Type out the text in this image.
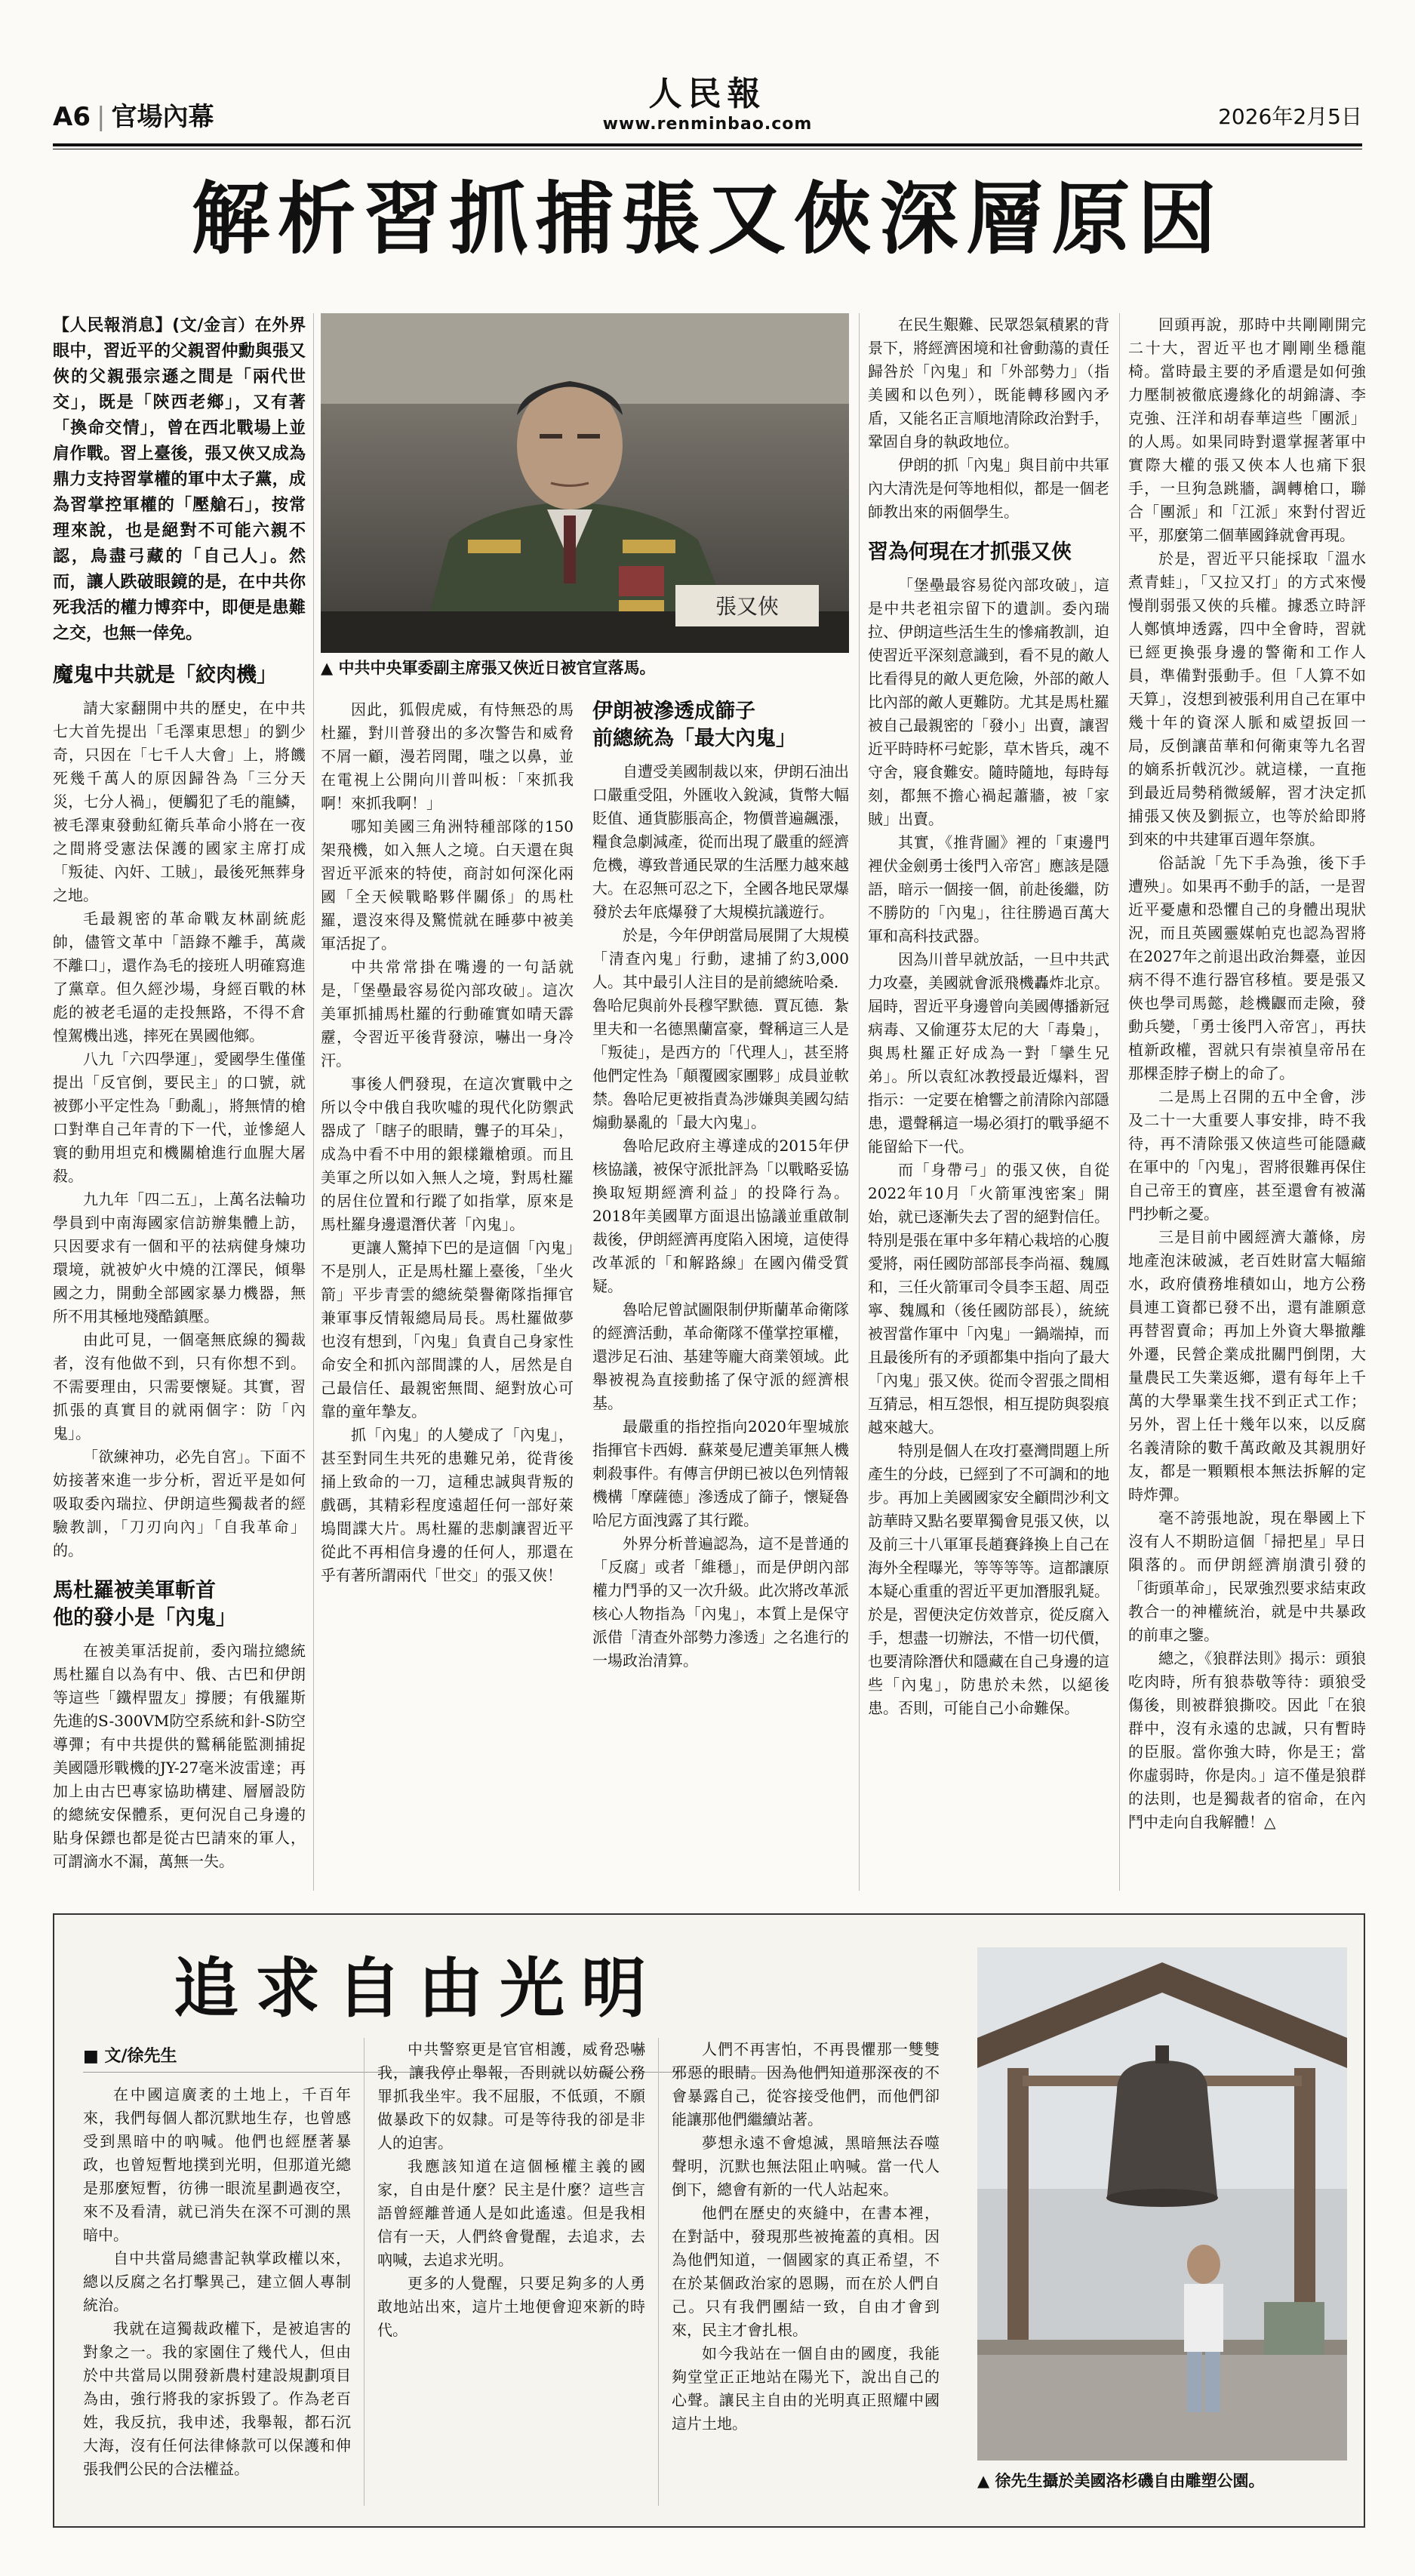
A6 | 官場內幕
人民報
www.renminbao.com	2026年2月5日
解析習抓捕張又俠深層原因

【人民報消息】(文/金言）在外界眼中，習近平的父親習仲勳與張又俠的父親張宗遜之間是「兩代世交」，既是「陝西老鄉」，又有著「換命交情」，曾在西北戰場上並肩作戰。習上臺後，張又俠又成為鼎力支持習掌權的軍中太子黨，成為習掌控軍權的「壓艙石」，按常理來說，也是絕對不可能六親不認，鳥盡弓藏的「自己人」。然而，讓人跌破眼鏡的是，在中共你死我活的權力博弈中，即便是患難之交，也無一倖免。

魔鬼中共就是「絞肉機」

請大家翻開中共的歷史，在中共七大首先提出「毛澤東思想」的劉少奇，只因在「七千人大會」上，將饑死幾千萬人的原因歸咎為「三分天災，七分人禍」，便觸犯了毛的龍鱗，被毛澤東發動紅衛兵革命小將在一夜之間將受憲法保護的國家主席打成「叛徒、內奸、工賊」，最後死無葬身之地。

毛最親密的革命戰友林副統彪帥，儘管文革中「語錄不離手，萬歲不離口」，還作為毛的接班人明確寫進了黨章。但久經沙場，身經百戰的林彪的被老毛逼的走投無路，不得不倉惶駕機出逃，摔死在異國他鄉。

八九「六四學運」，愛國學生僅僅提出「反官倒，要民主」的口號，就被鄧小平定性為「動亂」，將無情的槍口對準自己年青的下一代，並慘絕人寰的動用坦克和機關槍進行血腥大屠殺。

九九年「四二五」，上萬名法輪功學員到中南海國家信訪辦集體上訪，只因要求有一個和平的祛病健身煉功環境，就被妒火中燒的江澤民，傾舉國之力，開動全部國家暴力機器，無所不用其極地殘酷鎮壓。

由此可見，一個毫無底線的獨裁者，沒有他做不到，只有你想不到。不需要理由，只需要懷疑。其實，習抓張的真實目的就兩個字：防「內鬼」。

「欲練神功，必先自宮」。下面不妨接著來進一步分析，習近平是如何吸取委內瑞拉、伊朗這些獨裁者的經驗教訓，「刀刃向內」「自我革命」的。

馬杜羅被美軍斬首
他的發小是「內鬼」

在被美軍活捉前，委內瑞拉總統馬杜羅自以為有中、俄、古巴和伊朗等這些「鐵桿盟友」撐腰；有俄羅斯先進的S-300VM防空系統和針-S防空導彈；有中共提供的鷲稱能監測捕捉美國隱形戰機的JY-27毫米波雷達；再加上由古巴專家協助構建、層層設防的總統安保體系，更何況自己身邊的貼身保鏢也都是從古巴請來的軍人，可謂滴水不漏，萬無一失。

張又俠
▲ 中共中央軍委副主席張又俠近日被官宣落馬。

因此，狐假虎威，有恃無恐的馬杜羅，對川普發出的多次警告和威脅不屑一顧，漫若罔聞，嗤之以鼻，並在電視上公開向川普叫板：「來抓我啊！來抓我啊！」

哪知美國三角洲特種部隊的150架飛機，如入無人之境。白天還在與習近平派來的特使，商討如何深化兩國「全天候戰略夥伴關係」的馬杜羅，還沒來得及驚慌就在睡夢中被美軍活捉了。

中共常常掛在嘴邊的一句話就是，「堡壘最容易從內部攻破」。這次美軍抓捕馬杜羅的行動確實如晴天霹靂，令習近平後背發涼，嚇出一身冷汗。

事後人們發現，在這次實戰中之所以令中俄自我吹噓的現代化防禦武器成了「瞎子的眼睛，聾子的耳朵」，成為中看不中用的銀樣鑞槍頭。而且美軍之所以如入無人之境，對馬杜羅的居住位置和行蹤了如指掌，原來是馬杜羅身邊還潛伏著「內鬼」。

更讓人驚掉下巴的是這個「內鬼」不是別人，正是馬杜羅上臺後，「坐火箭」平步青雲的總統榮譽衛隊指揮官兼軍事反情報總局局長。馬杜羅做夢也沒有想到，「內鬼」負責自己身家性命安全和抓內部間諜的人，居然是自己最信任、最親密無間、絕對放心可靠的童年摯友。

抓「內鬼」的人變成了「內鬼」，甚至對同生共死的患難兄弟，從背後捅上致命的一刀，這種忠誠與背叛的戲碼，其精彩程度遠超任何一部好萊塢間諜大片。馬杜羅的悲劇讓習近平從此不再相信身邊的任何人，那還在乎有著所謂兩代「世交」的張又俠！

伊朗被滲透成篩子
前總統為「最大內鬼」

自遭受美國制裁以來，伊朗石油出口嚴重受阻，外匯收入銳減，貨幣大幅貶值、通貨膨脹高企，物價普遍飆漲，糧食急劇減產，從而出現了嚴重的經濟危機，導致普通民眾的生活壓力越來越大。在忍無可忍之下，全國各地民眾爆發於去年底爆發了大規模抗議遊行。

於是，今年伊朗當局展開了大規模「清查內鬼」行動，逮捕了約3,000人。其中最引人注目的是前總統哈桑．魯哈尼與前外長穆罕默德．賈瓦德．紮里夫和一名德黑蘭富豪，聲稱這三人是「叛徒」，是西方的「代理人」，甚至將他們定性為「顛覆國家團夥」成員並軟禁。魯哈尼更被指責為涉嫌與美國勾結煽動暴亂的「最大內鬼」。

魯哈尼政府主導達成的2015年伊核協議，被保守派批評為「以戰略妥協換取短期經濟利益」的投降行為。2018年美國單方面退出協議並重啟制裁後，伊朗經濟再度陷入困境，這使得改革派的「和解路線」在國內備受質疑。

魯哈尼曾試圖限制伊斯蘭革命衛隊的經濟活動，革命衛隊不僅掌控軍權，還涉足石油、基建等龐大商業領域。此舉被視為直接動搖了保守派的經濟根基。

最嚴重的指控指向2020年聖城旅指揮官卡西姆．蘇萊曼尼遭美軍無人機刺殺事件。有傳言伊朗已被以色列情報機構「摩薩德」滲透成了篩子，懷疑魯哈尼方面洩露了其行蹤。

外界分析普遍認為，這不是普通的「反腐」或者「維穩」，而是伊朗內部權力鬥爭的又一次升級。此次將改革派核心人物指為「內鬼」，本質上是保守派借「清查外部勢力滲透」之名進行的一場政治清算。

在民生艱難、民眾怨氣積累的背景下，將經濟困境和社會動蕩的責任歸咎於「內鬼」和「外部勢力」（指美國和以色列），既能轉移國內矛盾，又能名正言順地清除政治對手，鞏固自身的執政地位。

伊朗的抓「內鬼」與目前中共軍內大清洗是何等地相似，都是一個老師教出來的兩個學生。

習為何現在才抓張又俠

「堡壘最容易從內部攻破」，這是中共老祖宗留下的遺訓。委內瑞拉、伊朗這些活生生的慘痛教訓，迫使習近平深刻意識到，看不見的敵人比看得見的敵人更危險，外部的敵人比內部的敵人更難防。尤其是馬杜羅被自己最親密的「發小」出賣，讓習近平時時杯弓蛇影，草木皆兵，魂不守舍，寢食難安。隨時隨地，每時每刻，都無不擔心禍起蕭牆，被「家賊」出賣。

其實，《推背圖》裡的「東邊門裡伏金劍勇士後門入帝宮」應該是隱語，暗示一個接一個，前赴後繼，防不勝防的「內鬼」，往往勝過百萬大軍和高科技武器。

因為川普早就放話，一旦中共武力攻臺，美國就會派飛機轟炸北京。屆時，習近平身邊曾向美國傳播新冠病毒、又偷運芬太尼的大「毒梟」，與馬杜羅正好成為一對「攣生兄弟」。所以袁紅冰教授最近爆料，習指示：一定要在槍響之前清除內部隱患，還聲稱這一場必須打的戰爭絕不能留給下一代。

而「身帶弓」的張又俠，自從2022年10月「火箭軍洩密案」開始，就已逐漸失去了習的絕對信任。特別是張在軍中多年精心栽培的心腹愛將，兩任國防部部長李尚福、魏鳳和，三任火箭軍司令員李玉超、周亞寧、魏鳳和（後任國防部長），統統被習當作軍中「內鬼」一鍋端掉，而且最後所有的矛頭都集中指向了最大「內鬼」張又俠。從而令習張之間相互猜忌，相互怨恨，相互提防與裂痕越來越大。

特別是個人在攻打臺灣問題上所產生的分歧，已經到了不可調和的地步。再加上美國國家安全顧問沙利文訪華時又點名要單獨會見張又俠，以及前三十八軍軍長趙賽鋒換上自己在海外全程曝光，等等等等。這都讓原本疑心重重的習近平更加潛服乳疑。於是，習便決定仿效普京，從反腐入手，想盡一切辦法，不惜一切代價，也要清除潛伏和隱藏在自己身邊的這些「內鬼」，防患於未然，以絕後患。否則，可能自己小命難保。

回頭再說，那時中共剛剛開完二十大，習近平也才剛剛坐穩龍椅。當時最主要的矛盾還是如何強力壓制被徹底邊緣化的胡錦濤、李克強、汪洋和胡春華這些「團派」的人馬。如果同時對還掌握著軍中實際大權的張又俠本人也痛下狠手，一旦狗急跳牆，調轉槍口，聯合「團派」和「江派」來對付習近平，那麼第二個華國鋒就會再現。

於是，習近平只能採取「溫水煮青蛙」，「又拉又打」的方式來慢慢削弱張又俠的兵權。據悉立時評人鄭慎坤透露，四中全會時，習就已經更換張身邊的警衛和工作人員，準備對張動手。但「人算不如天算」，沒想到被張利用自己在軍中幾十年的資深人脈和威望扳回一局，反倒讓苗華和何衛東等九名習的嫡系折戟沉沙。就這樣，一直拖到最近局勢稍微緩解，習才決定抓捕張又俠及劉振立，也等於給即將到來的中共建軍百週年祭旗。

俗話說「先下手為強，後下手遭殃」。如果再不動手的話，一是習近平憂慮和恐懼自己的身體出現狀況，而且英國靈媒帕克也認為習將在2027年之前退出政治舞臺，並因病不得不進行器官移植。要是張又俠也學司馬懿，趁機鼴而走險，發動兵變，「勇士後門入帝宮」，再扶植新政權，習就只有崇禎皇帝吊在那棵歪脖子樹上的命了。

二是馬上召開的五中全會，涉及二十一大重要人事安排，時不我待，再不清除張又俠這些可能隱藏在軍中的「內鬼」，習將很難再保住自己帝王的寶座，甚至還會有被滿門抄斬之憂。

三是目前中國經濟大蕭條，房地產泡沫破滅，老百姓財富大幅縮水，政府債務堆積如山，地方公務員連工資都已發不出，還有誰願意再替習賣命；再加上外資大舉撤離外遷，民營企業成批關門倒閉，大量農民工失業返鄉，還有每年上千萬的大學畢業生找不到正式工作；另外，習上任十幾年以來，以反腐名義清除的數千萬政敵及其親朋好友，都是一顆顆根本無法拆解的定時炸彈。

毫不誇張地說，現在舉國上下沒有人不期盼這個「掃把星」早日隕落的。而伊朗經濟崩潰引發的「街頭革命」，民眾強烈要求結束政教合一的神權統治，就是中共暴政的前車之鑒。

總之，《狼群法則》揭示：頭狼吃肉時，所有狼恭敬等待：頭狼受傷後，則被群狼撕咬。因此「在狼群中，沒有永遠的忠誠，只有暫時的臣服。當你強大時，你是王；當你虛弱時，你是肉。」這不僅是狼群的法則，也是獨裁者的宿命，在內鬥中走向自我解體！△

追求自由光明
■ 文/徐先生

在中國這廣袤的土地上，千百年來，我們每個人都沉默地生存，也曾感受到黑暗中的吶喊。他們也經歷著暴政，也曾短暫地撲到光明，但那道光總是那麼短暫，彷彿一眼流星劃過夜空，來不及看清，就已消失在深不可測的黑暗中。

自中共當局總書記執掌政權以來，總以反腐之名打擊異己，建立個人專制統治。

我就在這獨裁政權下，是被追害的對象之一。我的家園住了幾代人，但由於中共當局以開發新農村建設規劃項目為由，強行將我的家拆毀了。作為老百姓，我反抗，我申述，我舉報，都石沉大海，沒有任何法律條款可以保護和伸張我們公民的合法權益。

中共警察更是官官相護，威脅恐嚇我，讓我停止舉報，否則就以妨礙公務罪抓我坐牢。我不屈服，不低頭，不願做暴政下的奴隸。可是等待我的卻是非人的迫害。

我應該知道在這個極權主義的國家，自由是什麼？民主是什麼？這些言語曾經離普通人是如此遙遠。但是我相信有一天，人們終會覺醒，去追求，去吶喊，去追求光明。

更多的人覺醒，只要足夠多的人勇敢地站出來，這片土地便會迎來新的時代。

人們不再害怕，不再畏懼那一雙雙邪惡的眼睛。因為他們知道那深夜的不會暴露自己，從容接受他們，而他們卻能讓那他們繼續站著。

夢想永遠不會熄滅，黑暗無法吞噬聲明，沉默也無法阻止吶喊。當一代人倒下，總會有新的一代人站起來。

他們在歷史的夾縫中，在書本裡，在對話中，發現那些被掩蓋的真相。因為他們知道，一個國家的真正希望，不在於某個政治家的恩賜，而在於人們自己。只有我們團結一致，自由才會到來，民主才會扎根。

如今我站在一個自由的國度，我能夠堂堂正正地站在陽光下，說出自己的心聲。讓民主自由的光明真正照耀中國這片土地。

▲ 徐先生攝於美國洛杉磯自由雕塑公園。
